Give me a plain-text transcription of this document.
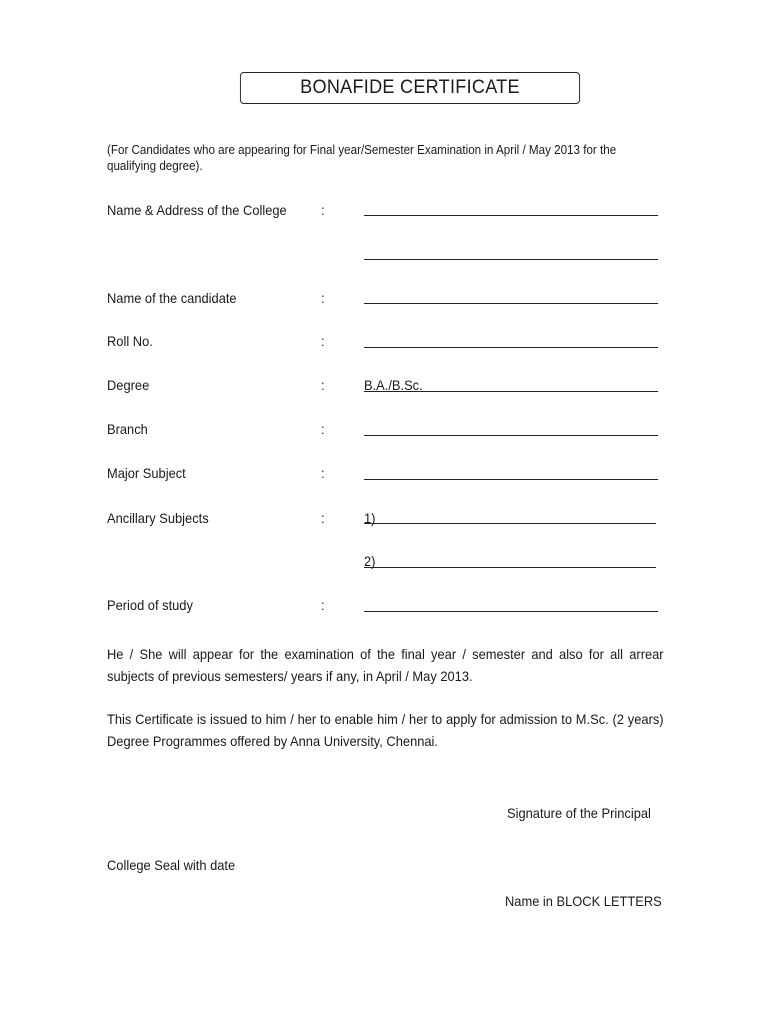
BONAFIDE CERTIFICATE
(For Candidates who are appearing for Final year/Semester Examination in April / May 2013 for the qualifying degree).
Name & Address of the College :
Name of the candidate	:
Roll No.	:
Degree	:	B.A./B.Sc.
Branch	:
Major Subject	:
Ancillary Subjects	:	1)
2)
Period of study	:
He / She will appear for the examination of the final year / semester and also for all arrear subjects of previous semesters/ years if any, in April / May 2013.
This Certificate is issued to him / her to enable him / her to apply for admission to M.Sc. (2 years) Degree Programmes offered by Anna University, Chennai.
Signature of the Principal
College Seal with date
Name in BLOCK LETTERS
